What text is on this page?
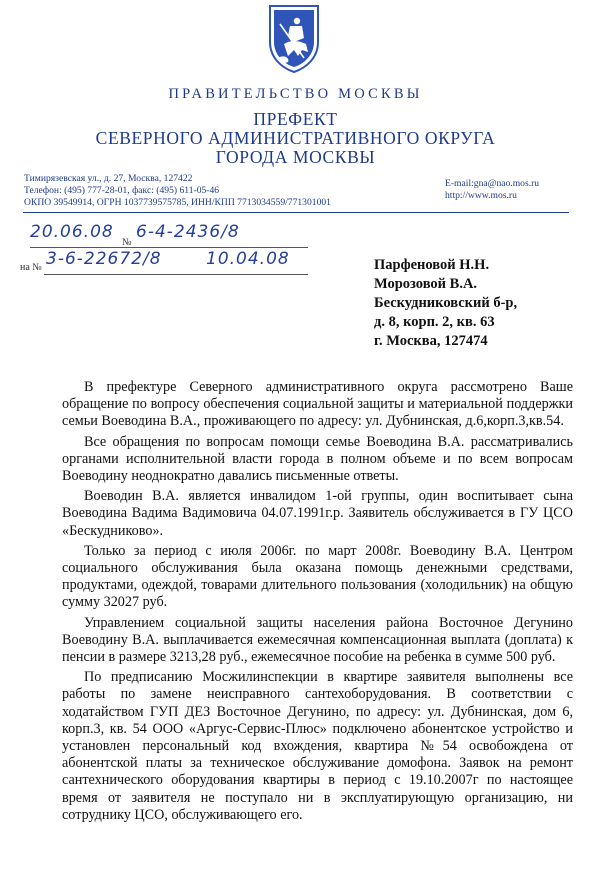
ПРАВИТЕЛЬСТВО МОСКВЫ
ПРЕФЕКТ
СЕВЕРНОГО АДМИНИСТРАТИВНОГО ОКРУГА
ГОРОДА МОСКВЫ
Тимирязевская ул., д. 27, Москва, 127422
Телефон: (495) 777-28-01, факс: (495) 611-05-46
ОКПО 39549914, ОГРН 1037739575785, ИНН/КПП 7713034559/771301001
E-mail:gna@nao.mos.ru
http://www.mos.ru
20.06.08
№
6-4-2436/8
на № 3-6-22672/8	10.04.08	Парфеновой Н.Н.
Морозовой В.А.
Бескудниковский б-р,
д. 8, корп. 2, кв. 63
г. Москва, 127474

В префектуре Северного административного округа рассмотрено Ваше обращение по вопросу обеспечения социальной защиты и материальной поддержки семьи Воеводина В.А., проживающего по адресу: ул. Дубнинская, д.6,корп.3,кв.54.

Все обращения по вопросам помощи семье Воеводина В.А. рассматривались органами исполнительной власти города в полном объеме и по всем вопросам Воеводину неоднократно давались письменные ответы.

Воеводин В.А. является инвалидом 1-ой группы, один воспитывает сына Воеводина Вадима Вадимовича 04.07.1991г.р. Заявитель обслуживается в ГУ ЦСО «Бескудниково».

Только за период с июля 2006г. по март 2008г. Воеводину В.А. Центром социального обслуживания была оказана помощь денежными средствами, продуктами, одеждой, товарами длительного пользования (холодильник) на общую сумму 32027 руб.

Управлением социальной защиты населения района Восточное Дегунино Воеводину В.А. выплачивается ежемесячная компенсационная выплата (доплата) к пенсии в размере 3213,28 руб., ежемесячное пособие на ребенка в сумме 500 руб.

По предписанию Мосжилинспекции в квартире заявителя выполнены все работы по замене неисправного сантехоборудования. В соответствии с ходатайством ГУП ДЕЗ Восточное Дегунино, по адресу: ул. Дубнинская, дом 6, корп.3, кв. 54 ООО «Аргус-Сервис-Плюс» подключено абонентское устройство и установлен персональный код вхождения, квартира №54 освобождена от абонентской платы за техническое обслуживание домофона. Заявок на ремонт сантехнического оборудования квартиры в период с 19.10.2007г по настоящее время от заявителя не поступало ни в эксплуатирующую организацию, ни сотруднику ЦСО, обслуживающего его.
